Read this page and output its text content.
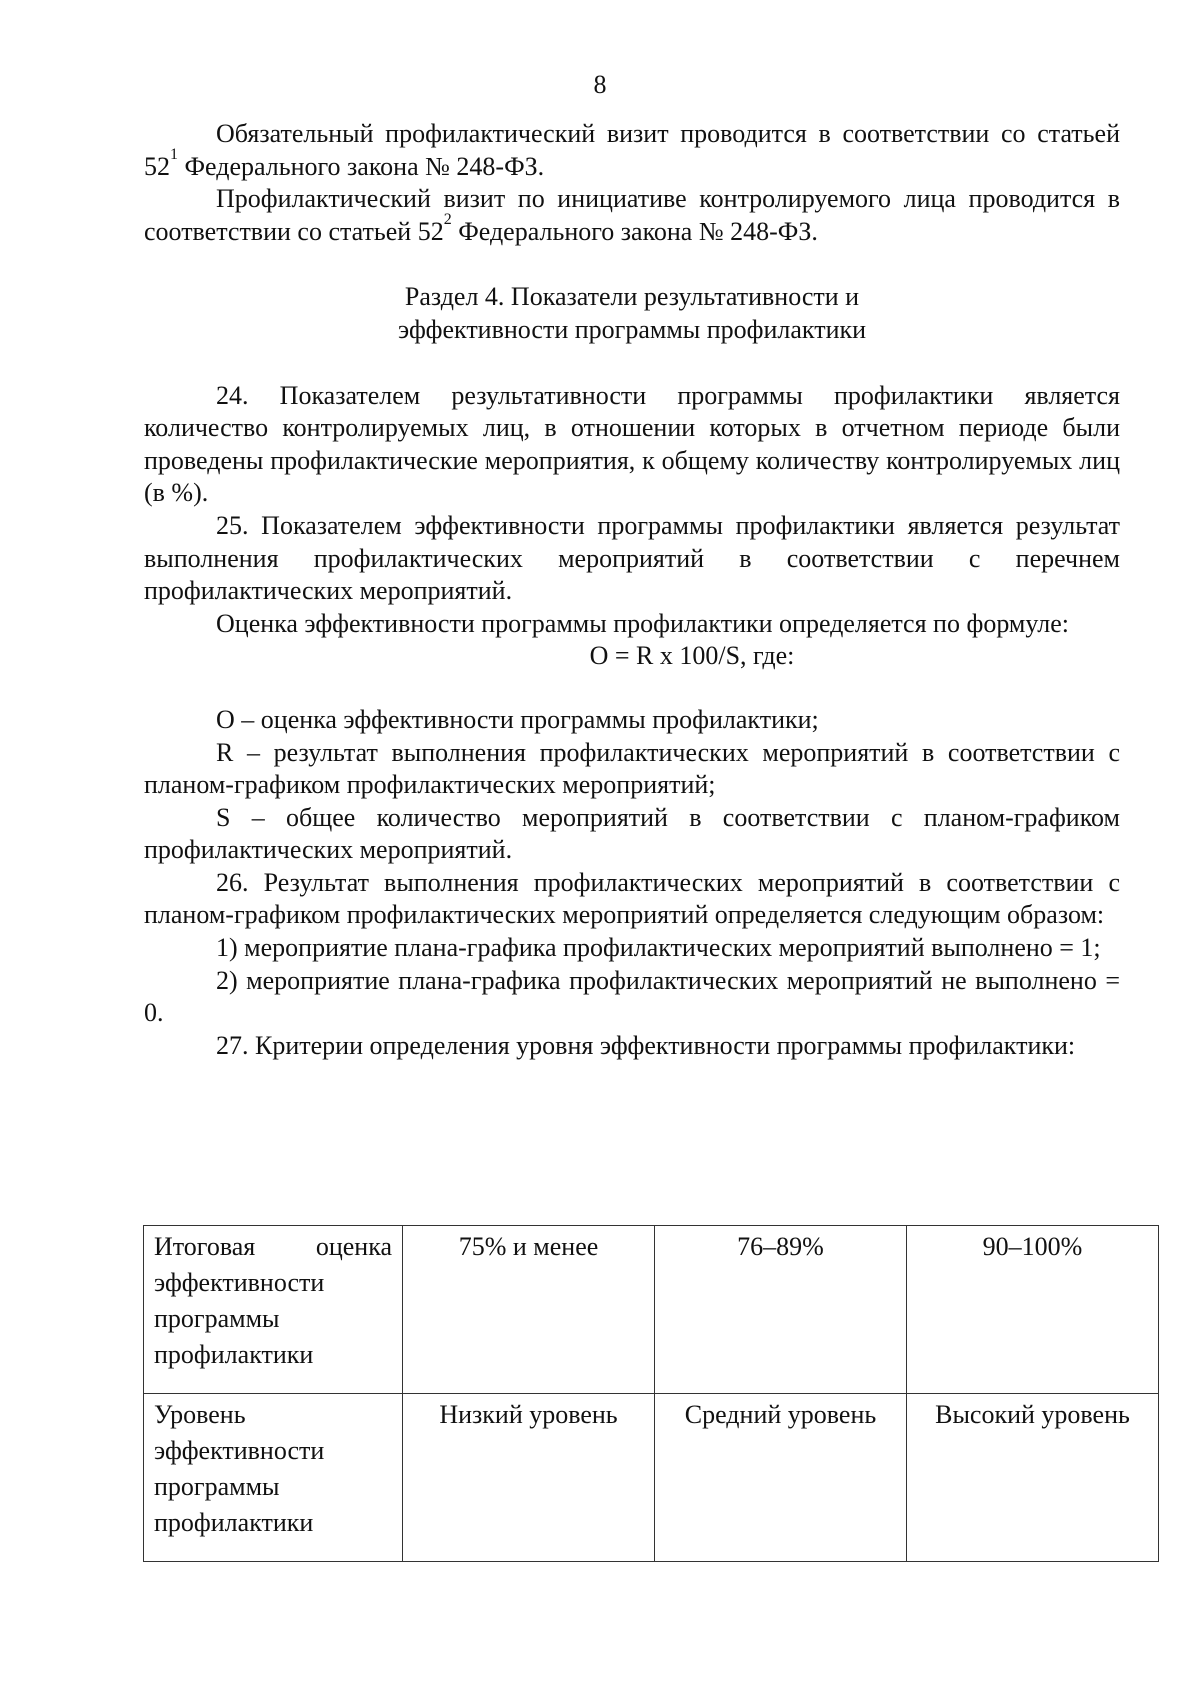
8

Обязательный профилактический визит проводится в соответствии со статьей $52^1$ Федерального закона № 248-ФЗ.

Профилактический визит по инициативе контролируемого лица проводится в соответствии со статьей $52^2$ Федерального закона № 248-ФЗ.

Раздел 4. Показатели результативности и
эффективности программы профилактики

24. Показателем результативности программы профилактики является количество контролируемых лиц, в отношении которых в отчетном периоде были проведены профилактические мероприятия, к общему количеству контролируемых лиц (в %).

25. Показателем эффективности программы профилактики является результат выполнения профилактических мероприятий в соответствии с перечнем профилактических мероприятий.

Оценка эффективности программы профилактики определяется по формуле:

O = R x 100/S, где:

O – оценка эффективности программы профилактики;

R – результат выполнения профилактических мероприятий в соответствии с планом-графиком профилактических мероприятий;

S – общее количество мероприятий в соответствии с планом-графиком профилактических мероприятий.

26. Результат выполнения профилактических мероприятий в соответствии с планом-графиком профилактических мероприятий определяется следующим образом:

1) мероприятие плана-графика профилактических мероприятий выполнено = 1;

2) мероприятие плана-графика профилактических мероприятий не выполнено = 0.

27. Критерии определения уровня эффективности программы профилактики:

Итоговая оценка эффективности программы профилактики	75% и менее	76–89%	90–100%
Уровень эффективности программы профилактики	Низкий уровень	Средний уровень	Высокий уровень
